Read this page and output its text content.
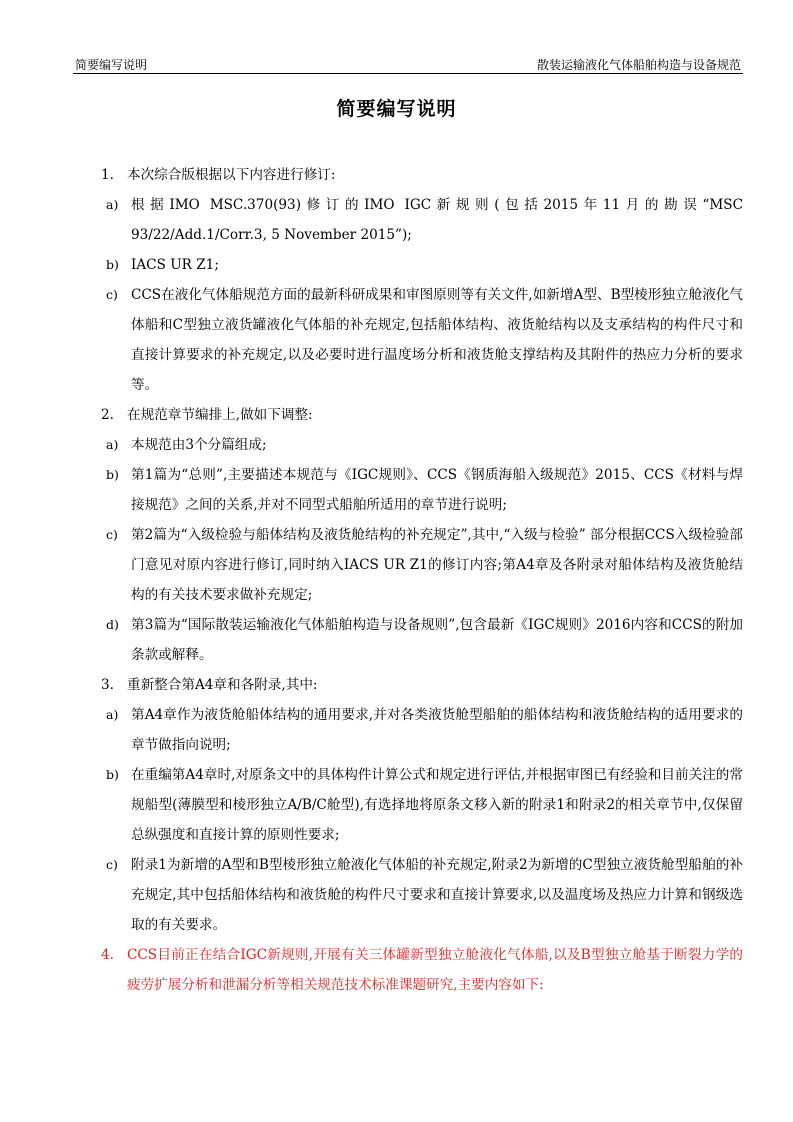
简要编写说明	散装运输液化气体船舶构造与设备规范
简要编写说明
1. 本次综合版根据以下内容进行修订:
a) 根据IMO MSC.370(93)修订的IMO IGC新规则(包括2015年11月的勘误“MSC 93/22/Add.1/Corr.3, 5 November 2015”);
b) IACS UR Z1;
c) CCS在液化气体船规范方面的最新科研成果和审图原则等有关文件,如新增A型、B型棱形独立舱液化气体船和C型独立液货罐液化气体船的补充规定,包括船体结构、液货舱结构以及支承结构的构件尺寸和直接计算要求的补充规定,以及必要时进行温度场分析和液货舱支撑结构及其附件的热应力分析的要求等。
2. 在规范章节编排上,做如下调整:
a) 本规范由3个分篇组成;
b) 第1篇为“总则”,主要描述本规范与《IGC规则》、CCS《钢质海船入级规范》2015、CCS《材料与焊接规范》之间的关系,并对不同型式船舶所适用的章节进行说明;
c) 第2篇为“入级检验与船体结构及液货舱结构的补充规定”,其中,“入级与检验” 部分根据CCS入级检验部门意见对原内容进行修订,同时纳入IACS UR Z1的修订内容;第A4章及各附录对船体结构及液货舱结构的有关技术要求做补充规定;
d) 第3篇为“国际散装运输液化气体船舶构造与设备规则”,包含最新《IGC规则》2016内容和CCS的附加条款或解释。
3. 重新整合第A4章和各附录,其中:
a) 第A4章作为液货舱船体结构的通用要求,并对各类液货舱型船舶的船体结构和液货舱结构的适用要求的章节做指向说明;
b) 在重编第A4章时,对原条文中的具体构件计算公式和规定进行评估,并根据审图已有经验和目前关注的常规船型(薄膜型和棱形独立A/B/C舱型),有选择地将原条文移入新的附录1和附录2的相关章节中,仅保留总纵强度和直接计算的原则性要求;
c) 附录1为新增的A型和B型棱形独立舱液化气体船的补充规定,附录2为新增的C型独立液货舱型船舶的补充规定,其中包括船体结构和液货舱的构件尺寸要求和直接计算要求,以及温度场及热应力计算和钢级选取的有关要求。
4. CCS目前正在结合IGC新规则,开展有关三体罐新型独立舱液化气体船,以及B型独立舱基于断裂力学的疲劳扩展分析和泄漏分析等相关规范技术标准课题研究,主要内容如下:
